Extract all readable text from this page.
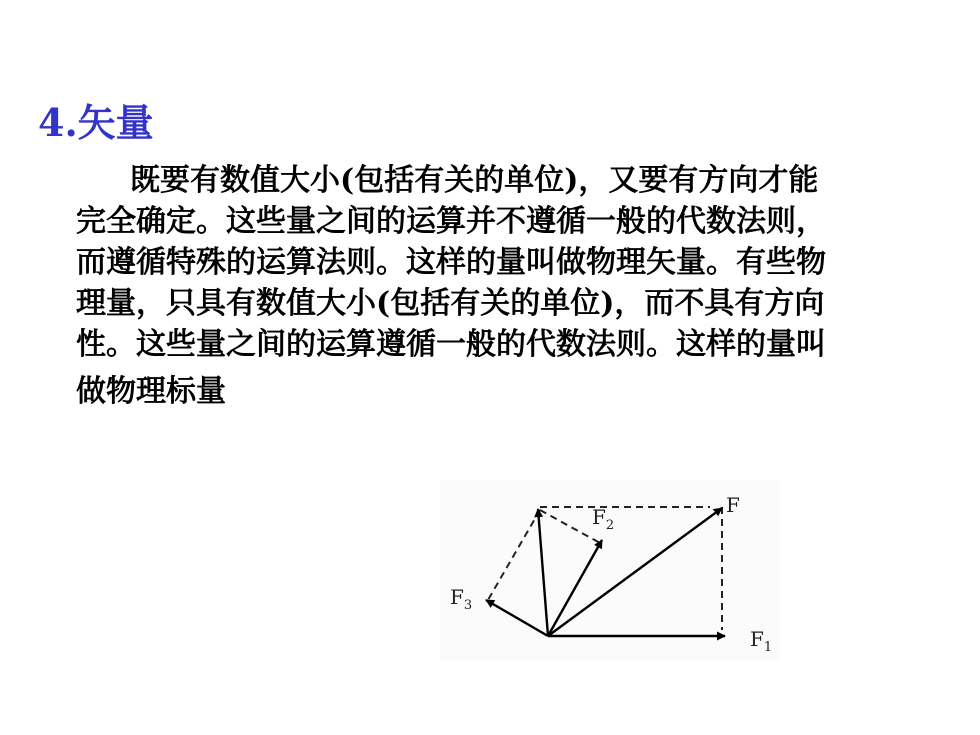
4.矢量

既要有数值大小(包括有关的单位)，又要有方向才能
完全确定。这些量之间的运算并不遵循一般的代数法则，
而遵循特殊的运算法则。这样的量叫做物理矢量。有些物
理量，只具有数值大小(包括有关的单位)，而不具有方向
性。这些量之间的运算遵循一般的代数法则。这样的量叫
做物理标量

F
$F_2$
$F_3$
$F_1$
